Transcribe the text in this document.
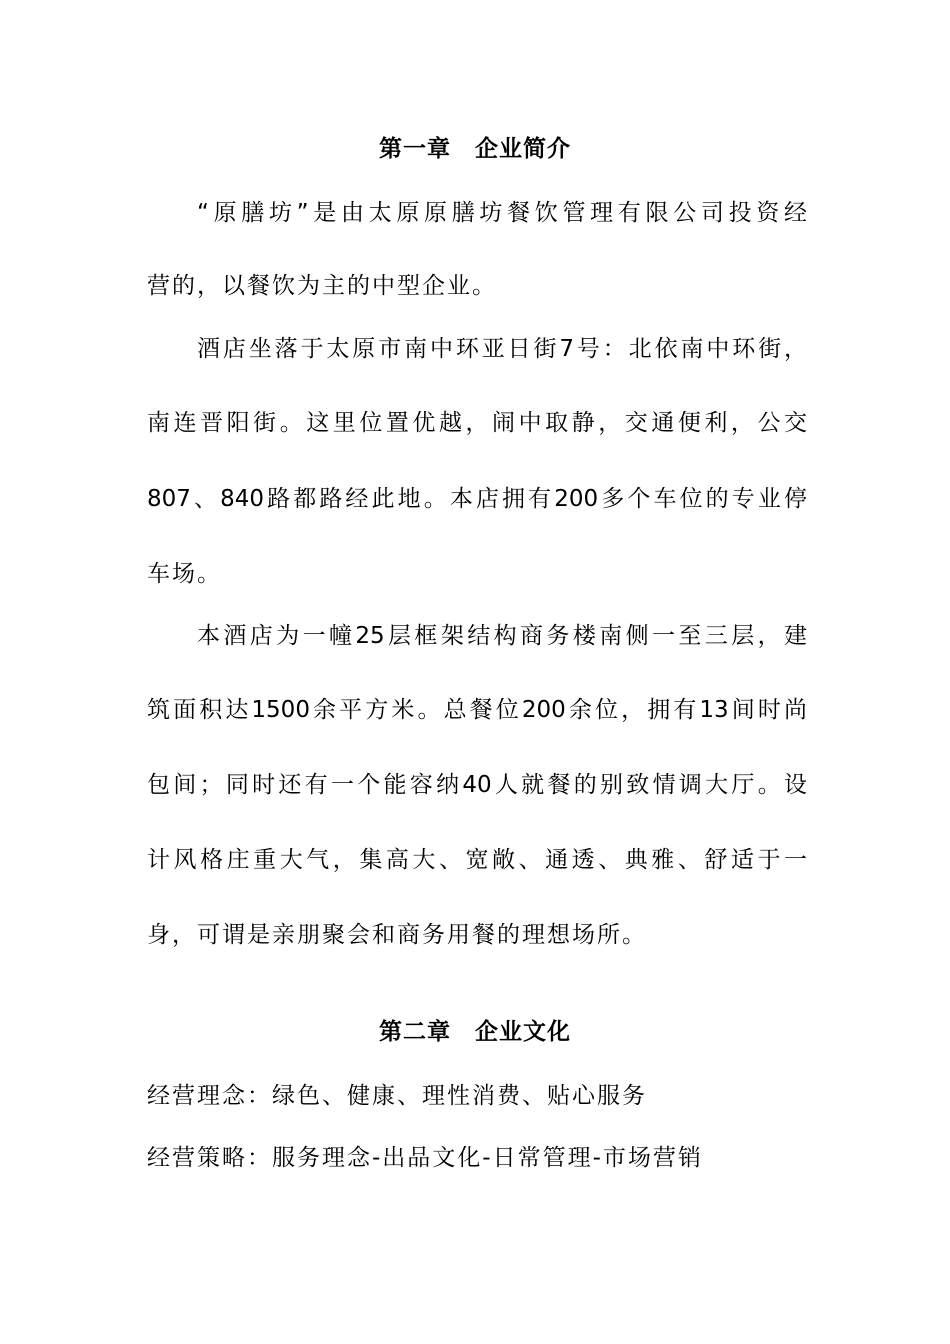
第一章　企业简介
“原膳坊”是由太原原膳坊餐饮管理有限公司投资经
营的，以餐饮为主的中型企业。
酒店坐落于太原市南中环亚日街7号：北依南中环街，
南连晋阳街。这里位置优越，闹中取静，交通便利，公交
807、840路都路经此地。本店拥有200多个车位的专业停
车场。
本酒店为一幢25层框架结构商务楼南侧一至三层，建
筑面积达1500余平方米。总餐位200余位，拥有13间时尚
包间；同时还有一个能容纳40人就餐的别致情调大厅。设
计风格庄重大气，集高大、宽敞、通透、典雅、舒适于一
身，可谓是亲朋聚会和商务用餐的理想场所。
第二章　企业文化
经营理念：绿色、健康、理性消费、贴心服务
经营策略：服务理念-出品文化-日常管理-市场营销
